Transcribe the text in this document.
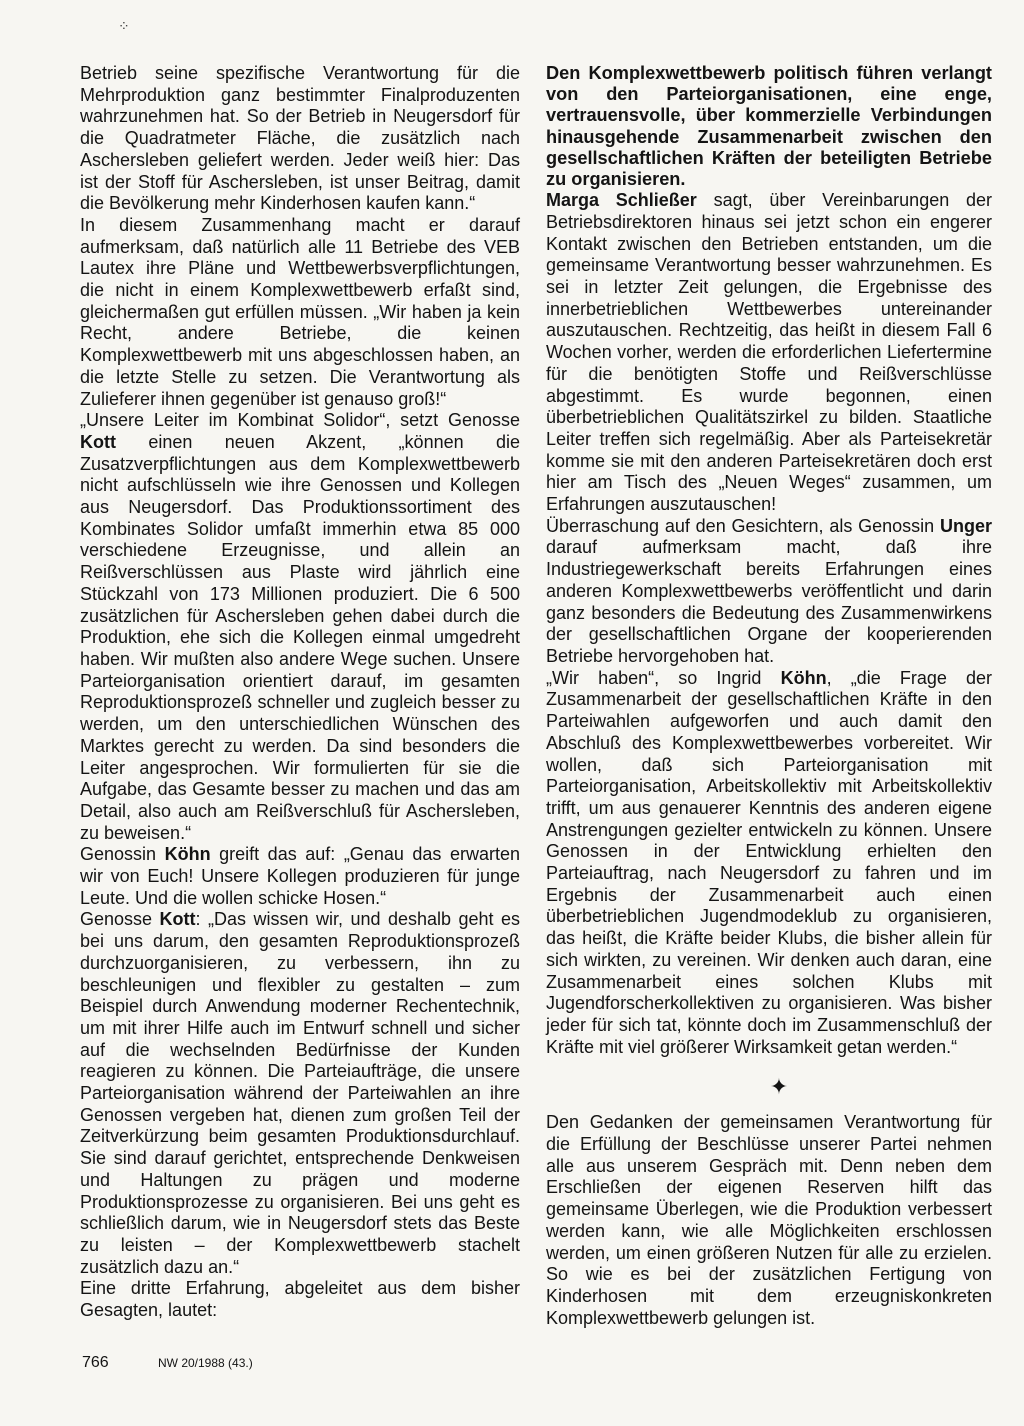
⁘

Betrieb seine spezifische Verantwortung für die Mehrproduktion ganz bestimmter Finalproduzenten wahrzunehmen hat. So der Betrieb in Neugersdorf für die Quadratmeter Fläche, die zusätzlich nach Aschersleben geliefert werden. Jeder weiß hier: Das ist der Stoff für Aschersleben, ist unser Beitrag, damit die Bevölkerung mehr Kinderhosen kaufen kann.“

In diesem Zusammenhang macht er darauf aufmerksam, daß natürlich alle 11 Betriebe des VEB Lautex ihre Pläne und Wettbewerbsverpflichtungen, die nicht in einem Komplexwettbewerb erfaßt sind, gleichermaßen gut erfüllen müssen. „Wir haben ja kein Recht, andere Betriebe, die keinen Komplexwettbewerb mit uns abgeschlossen haben, an die letzte Stelle zu setzen. Die Verantwortung als Zulieferer ihnen gegenüber ist genauso groß!“

„Unsere Leiter im Kombinat Solidor“, setzt Genosse Kott einen neuen Akzent, „können die Zusatzverpflichtungen aus dem Komplexwettbewerb nicht aufschlüsseln wie ihre Genossen und Kollegen aus Neugersdorf. Das Produktionssortiment des Kombinates Solidor umfaßt immerhin etwa 85 000 verschiedene Erzeugnisse, und allein an Reißverschlüssen aus Plaste wird jährlich eine Stückzahl von 173 Millionen produziert. Die 6 500 zusätzlichen für Aschersleben gehen dabei durch die Produktion, ehe sich die Kollegen einmal umgedreht haben. Wir mußten also andere Wege suchen. Unsere Parteiorganisation orientiert darauf, im gesamten Reproduktionsprozeß schneller und zugleich besser zu werden, um den unterschiedlichen Wünschen des Marktes gerecht zu werden. Da sind besonders die Leiter angesprochen. Wir formulierten für sie die Aufgabe, das Gesamte besser zu machen und das am Detail, also auch am Reißverschluß für Aschersleben, zu beweisen.“

Genossin Köhn greift das auf: „Genau das erwarten wir von Euch! Unsere Kollegen produzieren für junge Leute. Und die wollen schicke Hosen.“

Genosse Kott: „Das wissen wir, und deshalb geht es bei uns darum, den gesamten Reproduktionsprozeß durchzuorganisieren, zu verbessern, ihn zu beschleunigen und flexibler zu gestalten – zum Beispiel durch Anwendung moderner Rechentechnik, um mit ihrer Hilfe auch im Entwurf schnell und sicher auf die wechselnden Bedürfnisse der Kunden reagieren zu können. Die Parteiaufträge, die unsere Parteiorganisation während der Parteiwahlen an ihre Genossen vergeben hat, dienen zum großen Teil der Zeitverkürzung beim gesamten Produktionsdurchlauf. Sie sind darauf gerichtet, entsprechende Denkweisen und Haltungen zu prägen und moderne Produktionsprozesse zu organisieren. Bei uns geht es schließlich darum, wie in Neugersdorf stets das Beste zu leisten – der Komplexwettbewerb stachelt zusätzlich dazu an.“

Eine dritte Erfahrung, abgeleitet aus dem bisher Gesagten, lautet:

Den Komplexwettbewerb politisch führen verlangt von den Parteiorganisationen, eine enge, vertrauensvolle, über kommerzielle Verbindungen hinausgehende Zusammenarbeit zwischen den gesellschaftlichen Kräften der beteiligten Betriebe zu organisieren.

Marga Schließer sagt, über Vereinbarungen der Betriebsdirektoren hinaus sei jetzt schon ein engerer Kontakt zwischen den Betrieben entstanden, um die gemeinsame Verantwortung besser wahrzunehmen. Es sei in letzter Zeit gelungen, die Ergebnisse des innerbetrieblichen Wettbewerbes untereinander auszutauschen. Rechtzeitig, das heißt in diesem Fall 6 Wochen vorher, werden die erforderlichen Liefertermine für die benötigten Stoffe und Reißverschlüsse abgestimmt. Es wurde begonnen, einen überbetrieblichen Qualitätszirkel zu bilden. Staatliche Leiter treffen sich regelmäßig. Aber als Parteisekretär komme sie mit den anderen Parteisekretären doch erst hier am Tisch des „Neuen Weges“ zusammen, um Erfahrungen auszutauschen!

Überraschung auf den Gesichtern, als Genossin Unger darauf aufmerksam macht, daß ihre Industriegewerkschaft bereits Erfahrungen eines anderen Komplexwettbewerbs veröffentlicht und darin ganz besonders die Bedeutung des Zusammenwirkens der gesellschaftlichen Organe der kooperierenden Betriebe hervorgehoben hat.

„Wir haben“, so Ingrid Köhn, „die Frage der Zusammenarbeit der gesellschaftlichen Kräfte in den Parteiwahlen aufgeworfen und auch damit den Abschluß des Komplexwettbewerbes vorbereitet. Wir wollen, daß sich Parteiorganisation mit Parteiorganisation, Arbeitskollektiv mit Arbeitskollektiv trifft, um aus genauerer Kenntnis des anderen eigene Anstrengungen gezielter entwickeln zu können. Unsere Genossen in der Entwicklung erhielten den Parteiauftrag, nach Neugersdorf zu fahren und im Ergebnis der Zusammenarbeit auch einen überbetrieblichen Jugendmodeklub zu organisieren, das heißt, die Kräfte beider Klubs, die bisher allein für sich wirkten, zu vereinen. Wir denken auch daran, eine Zusammenarbeit eines solchen Klubs mit Jugendforscherkollektiven zu organisieren. Was bisher jeder für sich tat, könnte doch im Zusammenschluß der Kräfte mit viel größerer Wirksamkeit getan werden.“

✦

Den Gedanken der gemeinsamen Verantwortung für die Erfüllung der Beschlüsse unserer Partei nehmen alle aus unserem Gespräch mit. Denn neben dem Erschließen der eigenen Reserven hilft das gemeinsame Überlegen, wie die Produktion verbessert werden kann, wie alle Möglichkeiten erschlossen werden, um einen größeren Nutzen für alle zu erzielen. So wie es bei der zusätzlichen Fertigung von Kinderhosen mit dem erzeugniskonkreten Komplexwettbewerb gelungen ist.

766	NW 20/1988 (43.)
